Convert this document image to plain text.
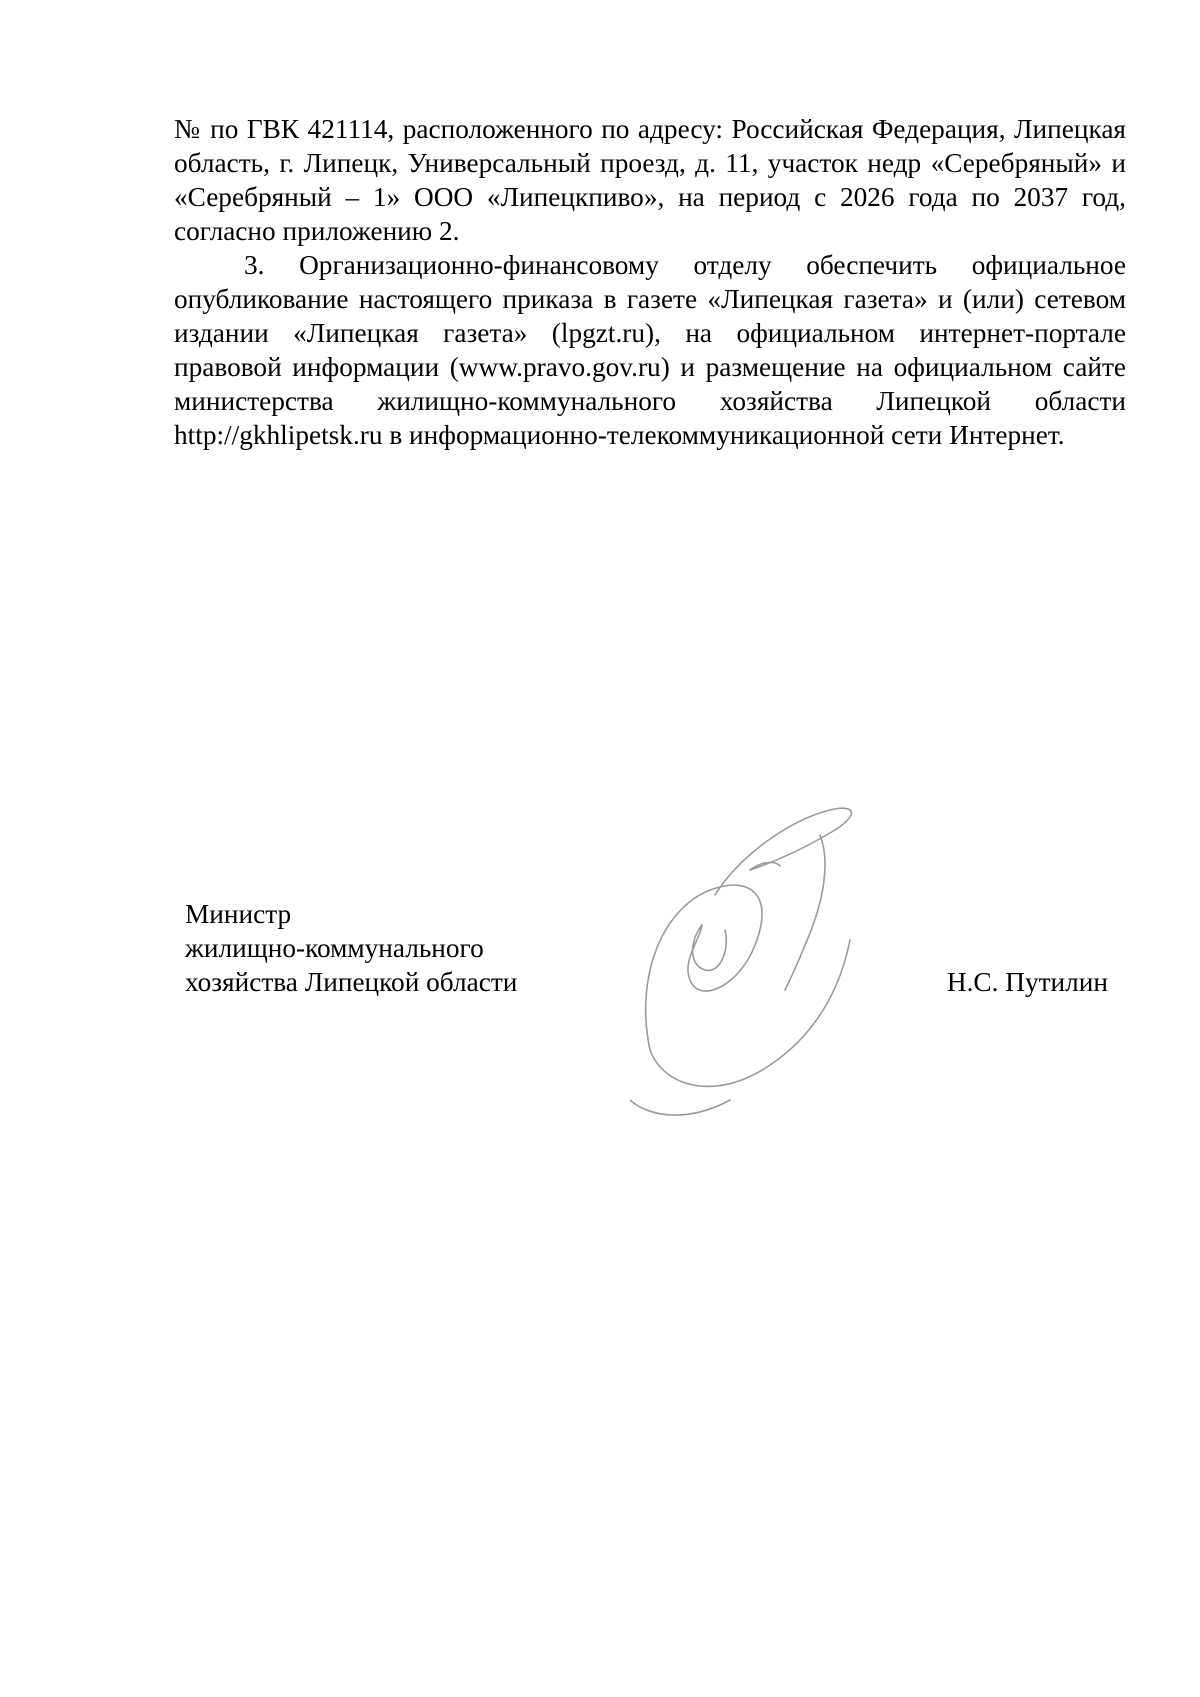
№ по ГВК 421114, расположенного по адресу: Российская Федерация, Липецкая область, г. Липецк, Универсальный проезд, д. 11, участок недр «Серебряный» и «Серебряный – 1» ООО «Липецкпиво», на период с 2026 года по 2037 год, согласно приложению 2.

3. Организационно-финансовому отделу обеспечить официальное опубликование настоящего приказа в газете «Липецкая газета» и (или) сетевом издании «Липецкая газета» (lpgzt.ru), на официальном интернет-портале правовой информации (www.pravo.gov.ru) и размещение на официальном сайте министерства жилищно-коммунального хозяйства Липецкой области http://gkhlipetsk.ru в информационно-телекоммуникационной сети Интернет.

Министр
жилищно-коммунального
хозяйства Липецкой области	Н.С. Путилин
